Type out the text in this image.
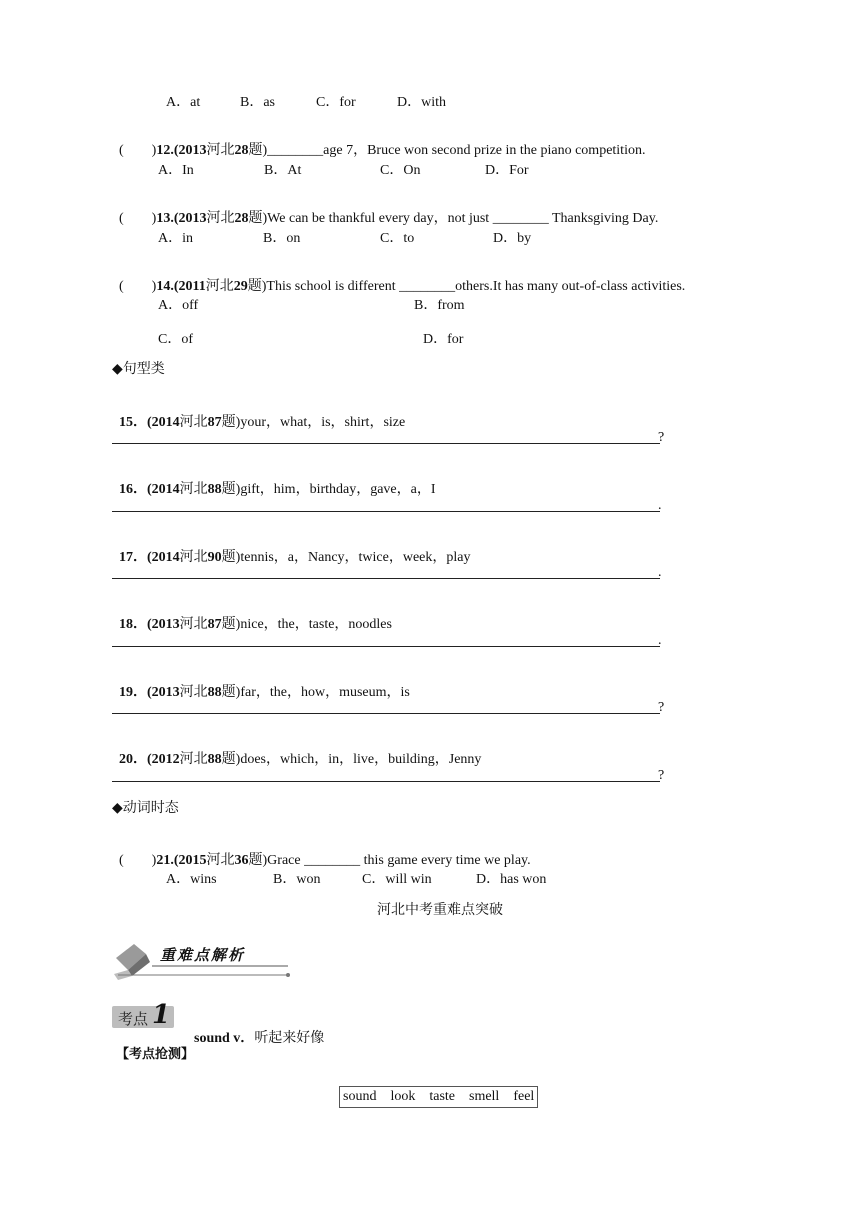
A．at	B．as	C．for	D．with

(        )12.(2013河北28题)________age 7，Bruce won second prize in the piano competition.

A．In	B．At	C．On	D．For

(        )13.(2013河北28题)We can be thankful every day，not just ________ Thanksgiving Day.

A．in	B．on	C．to	D．by

(        )14.(2011河北29题)This school is different ________others.It has many out-of-class activities.

A．off	B．from
C．of	D．for
◆句型类

15．(2014河北87题)your，what，is，shirt，size

?

16．(2014河北88题)gift，him，birthday，gave，a，I

.

17．(2014河北90题)tennis，a，Nancy，twice，week，play

.

18．(2013河北87题)nice，the，taste，noodles

.

19．(2013河北88题)far，the，how，museum，is

?

20．(2012河北88题)does，which，in，live，building，Jenny

?
◆动词时态

(        )21.(2015河北36题)Grace ________ this game every time we play.

A．wins	B．won	C．will win	D．has won
河北中考重难点突破
重难点解析
考点 1

sound v．听起来好像

【考点抢测】
sound    look    taste    smell    feel
